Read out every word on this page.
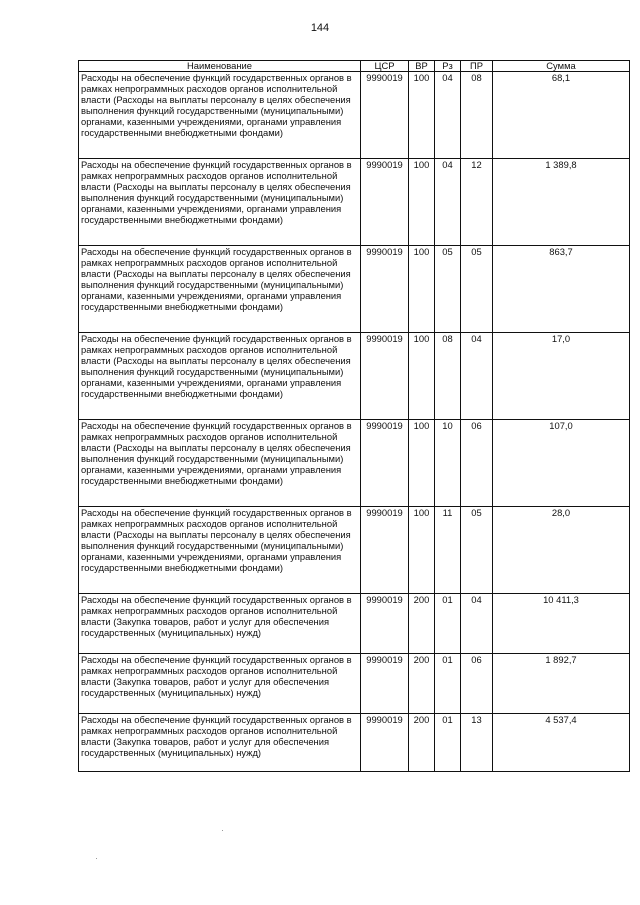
144
Наименование	ЦСР	ВР	Рз	ПР	Сумма
Расходы на обеспечение функций государственных органов в рамках непрограммных расходов органов исполнительной власти (Расходы на выплаты персоналу в целях обеспечения выполнения функций государственными (муниципальными) органами, казенными учреждениями, органами управления государственными внебюджетными фондами)	9990019	100	04	08	68,1
Расходы на обеспечение функций государственных органов в рамках непрограммных расходов органов исполнительной власти (Расходы на выплаты персоналу в целях обеспечения выполнения функций государственными (муниципальными) органами, казенными учреждениями, органами управления государственными внебюджетными фондами)	9990019	100	04	12	1 389,8
Расходы на обеспечение функций государственных органов в рамках непрограммных расходов органов исполнительной власти (Расходы на выплаты персоналу в целях обеспечения выполнения функций государственными (муниципальными) органами, казенными учреждениями, органами управления государственными внебюджетными фондами)	9990019	100	05	05	863,7
Расходы на обеспечение функций государственных органов в рамках непрограммных расходов органов исполнительной власти (Расходы на выплаты персоналу в целях обеспечения выполнения функций государственными (муниципальными) органами, казенными учреждениями, органами управления государственными внебюджетными фондами)	9990019	100	08	04	17,0
Расходы на обеспечение функций государственных органов в рамках непрограммных расходов органов исполнительной власти (Расходы на выплаты персоналу в целях обеспечения выполнения функций государственными (муниципальными) органами, казенными учреждениями, органами управления государственными внебюджетными фондами)	9990019	100	10	06	107,0
Расходы на обеспечение функций государственных органов в рамках непрограммных расходов органов исполнительной власти (Расходы на выплаты персоналу в целях обеспечения выполнения функций государственными (муниципальными) органами, казенными учреждениями, органами управления государственными внебюджетными фондами)	9990019	100	11	05	28,0
Расходы на обеспечение функций государственных органов в рамках непрограммных расходов органов исполнительной власти (Закупка товаров, работ и услуг для обеспечения государственных (муниципальных) нужд)	9990019	200	01	04	10 411,3
Расходы на обеспечение функций государственных органов в рамках непрограммных расходов органов исполнительной власти (Закупка товаров, работ и услуг для обеспечения государственных (муниципальных) нужд)	9990019	200	01	06	1 892,7
Расходы на обеспечение функций государственных органов в рамках непрограммных расходов органов исполнительной власти (Закупка товаров, работ и услуг для обеспечения государственных (муниципальных) нужд)	9990019	200	01	13	4 537,4
